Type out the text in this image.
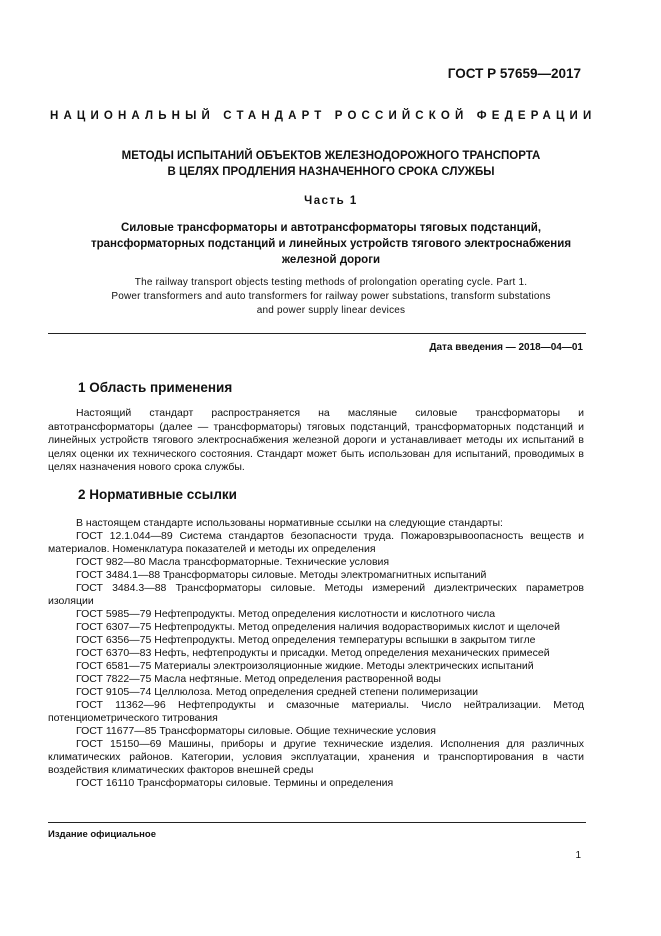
ГОСТ Р 57659—2017
НАЦИОНАЛЬНЫЙ СТАНДАРТ РОССИЙСКОЙ ФЕДЕРАЦИИ
МЕТОДЫ ИСПЫТАНИЙ ОБЪЕКТОВ ЖЕЛЕЗНОДОРОЖНОГО ТРАНСПОРТА
В ЦЕЛЯХ ПРОДЛЕНИЯ НАЗНАЧЕННОГО СРОКА СЛУЖБЫ
Часть 1
Силовые трансформаторы и автотрансформаторы тяговых подстанций,
трансформаторных подстанций и линейных устройств тягового электроснабжения
железной дороги
The railway transport objects testing methods of prolongation operating cycle. Part 1.
Power transformers and auto transformers for railway power substations, transform substations
and power supply linear devices
Дата введения — 2018—04—01
1 Область применения
Настоящий стандарт распространяется на масляные силовые трансформаторы и автотрансформаторы (далее — трансформаторы) тяговых подстанций, трансформаторных подстанций и линейных устройств тягового электроснабжения железной дороги и устанавливает методы их испытаний в целях оценки их технического состояния. Стандарт может быть использован для испытаний, проводимых в целях назначения нового срока службы.
2 Нормативные ссылки

В настоящем стандарте использованы нормативные ссылки на следующие стандарты:

ГОСТ 12.1.044—89 Система стандартов безопасности труда. Пожаровзрывоопасность веществ и материалов. Номенклатура показателей и методы их определения

ГОСТ 982—80 Масла трансформаторные. Технические условия

ГОСТ 3484.1—88 Трансформаторы силовые. Методы электромагнитных испытаний

ГОСТ 3484.3—88 Трансформаторы силовые. Методы измерений диэлектрических параметров изоляции

ГОСТ 5985—79 Нефтепродукты. Метод определения кислотности и кислотного числа

ГОСТ 6307—75 Нефтепродукты. Метод определения наличия водорастворимых кислот и щелочей

ГОСТ 6356—75 Нефтепродукты. Метод определения температуры вспышки в закрытом тигле

ГОСТ 6370—83 Нефть, нефтепродукты и присадки. Метод определения механических примесей

ГОСТ 6581—75 Материалы электроизоляционные жидкие. Методы электрических испытаний

ГОСТ 7822—75 Масла нефтяные. Метод определения растворенной воды

ГОСТ 9105—74 Целлюлоза. Метод определения средней степени полимеризации

ГОСТ 11362—96 Нефтепродукты и смазочные материалы. Число нейтрализации. Метод потенциометрического титрования

ГОСТ 11677—85 Трансформаторы силовые. Общие технические условия

ГОСТ 15150—69 Машины, приборы и другие технические изделия. Исполнения для различных климатических районов. Категории, условия эксплуатации, хранения и транспортирования в части воздействия климатических факторов внешней среды

ГОСТ 16110 Трансформаторы силовые. Термины и определения

Издание официальное
1
